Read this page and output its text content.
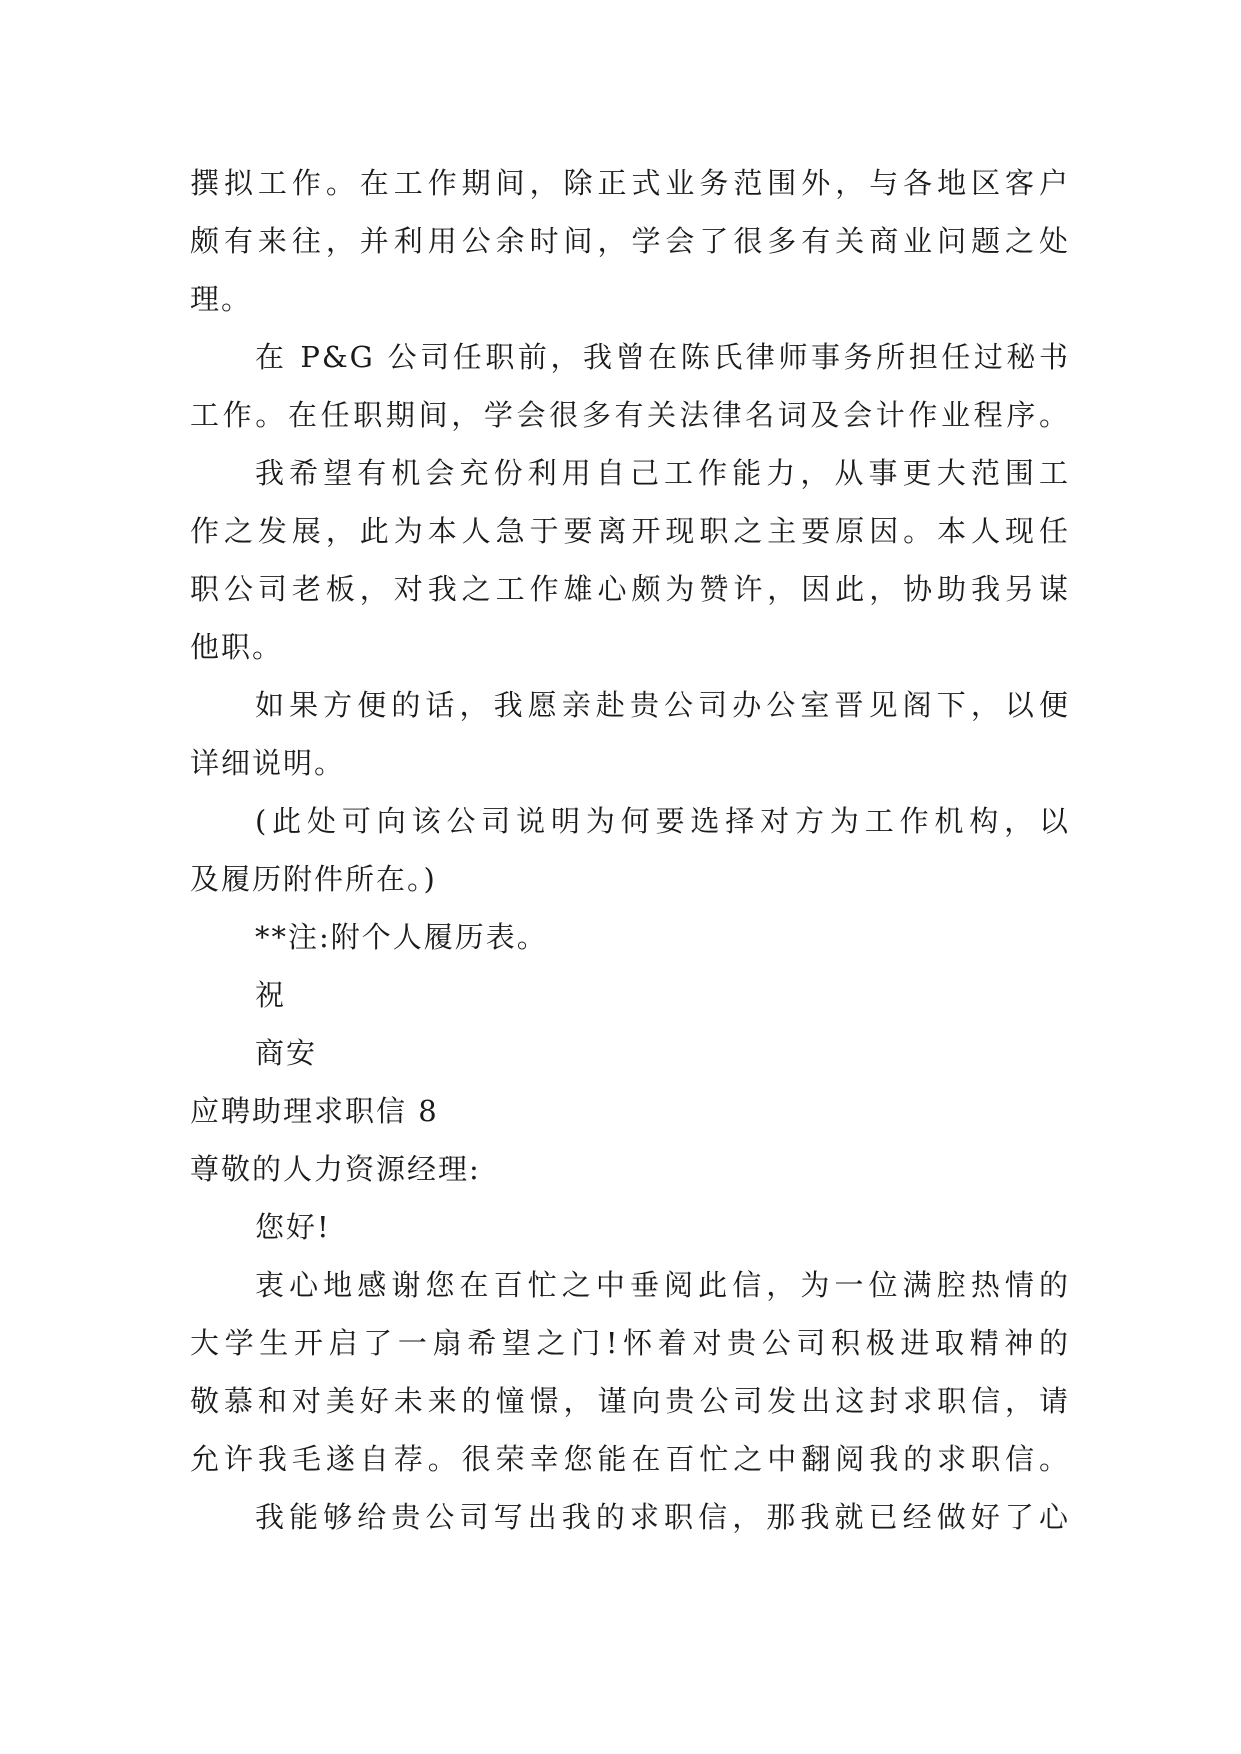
撰拟工作。在工作期间，除正式业务范围外，与各地区客户
颇有来往，并利用公余时间，学会了很多有关商业问题之处
理。
在 P&G 公司任职前，我曾在陈氏律师事务所担任过秘书
工作。在任职期间，学会很多有关法律名词及会计作业程序。
我希望有机会充份利用自己工作能力，从事更大范围工
作之发展，此为本人急于要离开现职之主要原因。本人现任
职公司老板，对我之工作雄心颇为赞许，因此，协助我另谋
他职。
如果方便的话，我愿亲赴贵公司办公室晋见阁下，以便
详细说明。
(此处可向该公司说明为何要选择对方为工作机构，以
及履历附件所在。)
**注:附个人履历表。
祝
商安
应聘助理求职信 8
尊敬的人力资源经理:
您好!
衷心地感谢您在百忙之中垂阅此信，为一位满腔热情的
大学生开启了一扇希望之门!怀着对贵公司积极进取精神的
敬慕和对美好未来的憧憬，谨向贵公司发出这封求职信，请
允许我毛遂自荐。很荣幸您能在百忙之中翻阅我的求职信。
我能够给贵公司写出我的求职信，那我就已经做好了心
